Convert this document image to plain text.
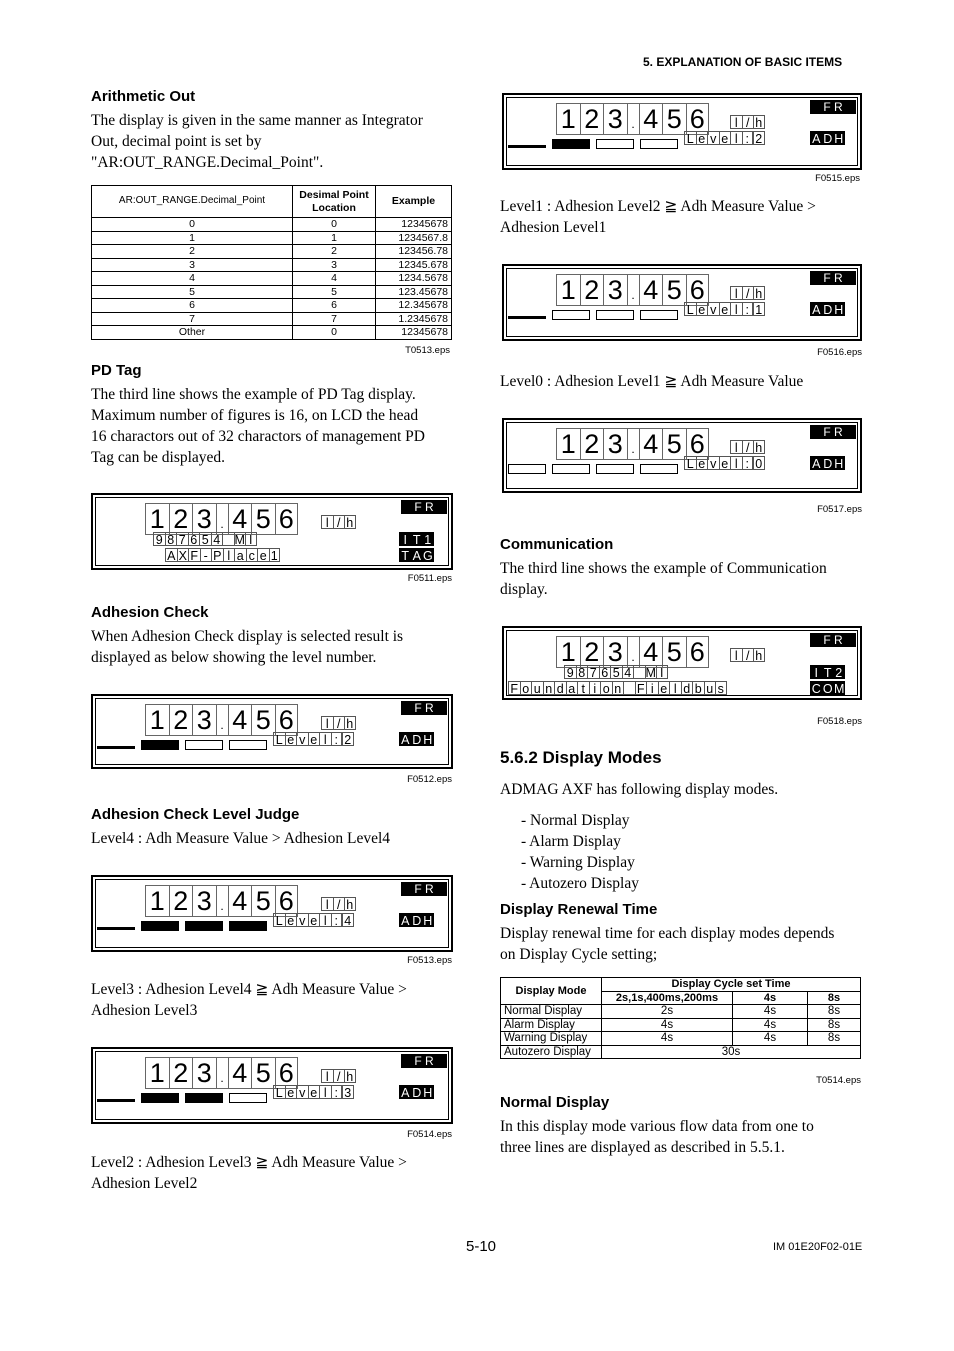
5. EXPLANATION OF BASIC ITEMS
Arithmetic Out
The display is given in the same manner as Integrator
Out, decimal point is set by
"AR:OUT_RANGE.Decimal_Point".
AR:OUT_RANGE.Decimal_Point	Desimal Point Location	Example
0	0	12345678
1	1	1234567.8
2	2	123456.78
3	3	12345.678
4	4	1234.5678
5	5	123.45678
6	6	12.345678
7	7	1.2345678
Other	0	12345678
T0513.eps
PD Tag
The third line shows the example of PD Tag display.
Maximum number of figures is 16, on LCD the head
16 charactors out of 32 charactors of management PD
Tag can be displayed.
1 2 3 . 4 5 6	l / h
F R
9 8 7 6 5 4 M I
A X F - P l a c e 1
I T 1
T A G
F0511.eps
Adhesion Check
When Adhesion Check display is selected result is
displayed as below showing the level number.
1 2 3 . 4 5 6	l / h
F R
L e v e l : 2	A D H
F0512.eps
Adhesion Check Level Judge
Level4 : Adh Measure Value > Adhesion Level4
1 2 3 . 4 5 6	l / h
F R
L e v e l : 4	A D H
F0513.eps
Level3 : Adhesion Level4 ≧ Adh Measure Value >
Adhesion Level3
1 2 3 . 4 5 6	l / h
F R
L e v e l : 3	A D H
F0514.eps
Level2 : Adhesion Level3 ≧ Adh Measure Value >
Adhesion Level2
1 2 3 . 4 5 6	l / h
F R
L e v e l : 2	A D H
F0515.eps
Level1 : Adhesion Level2 ≧ Adh Measure Value >
Adhesion Level1
1 2 3 . 4 5 6	l / h
F R
L e v e l : 1	A D H
F0516.eps
Level0 : Adhesion Level1 ≧ Adh Measure Value
1 2 3 . 4 5 6	l / h
F R
L e v e l : 0	A D H
F0517.eps
Communication
The third line shows the example of Communication
display.
1 2 3 . 4 5 6	l / h
F R
9 8 7 6 5 4 M I
F o u n d a t i o n F i e l d b u s
I T 2
C O M
F0518.eps
5.6.2 Display Modes
ADMAG AXF has following display modes.
- Normal Display
- Alarm Display
- Warning Display
- Autozero Display
Display Renewal Time
Display renewal time for each display modes depends
on Display Cycle setting;
Display Mode	Display Cycle set Time		
	2s,1s,400ms,200ms	4s	8s
Normal Display	2s	4s	8s
Alarm Display	4s	4s	8s
Warning Display	4s	4s	8s
Autozero Display	30s		
T0514.eps
Normal Display
In this display mode various flow data from one to
three lines are displayed as described in 5.5.1.
5-10	IM 01E20F02-01E
